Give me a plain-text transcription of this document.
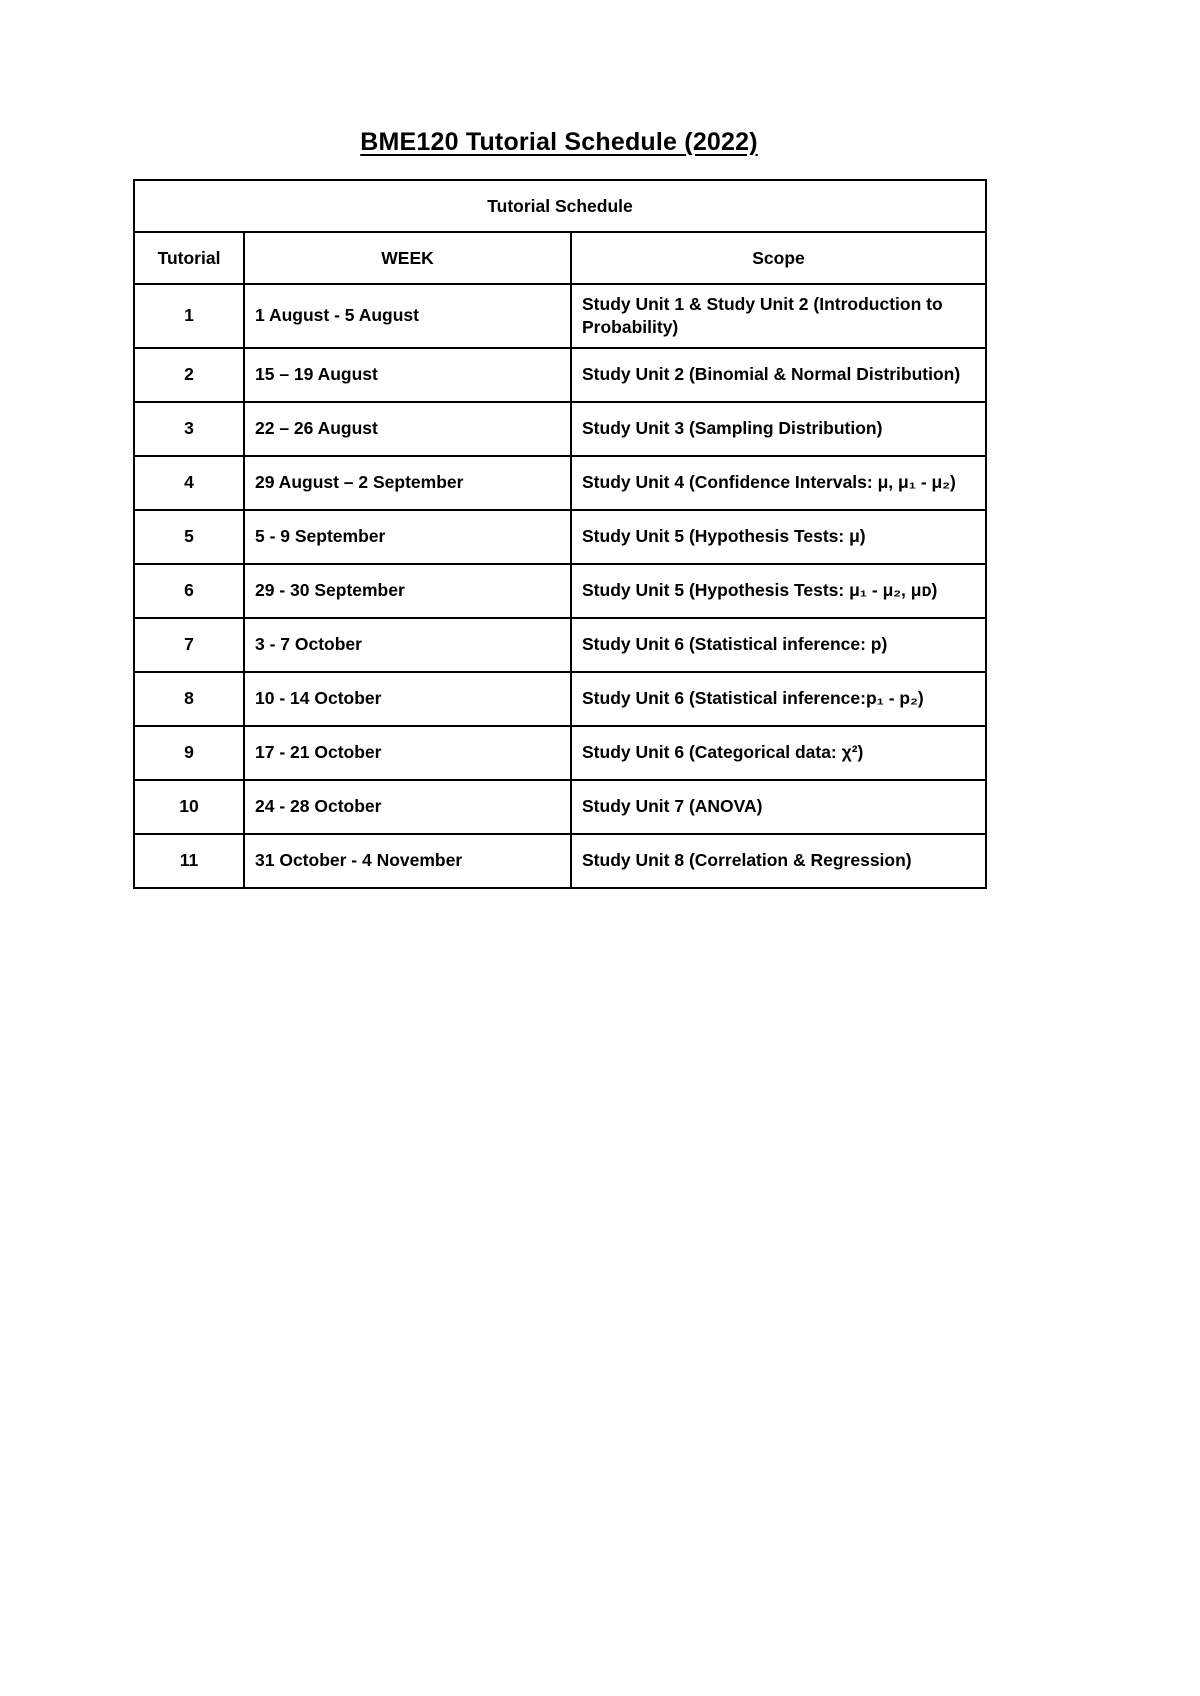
BME120 Tutorial Schedule (2022)
Tutorial Schedule		
Tutorial	WEEK	Scope
1	1 August - 5 August	Study Unit 1 & Study Unit 2 (Introduction to Probability)
2	15 – 19 August	Study Unit 2 (Binomial & Normal Distribution)
3	22 – 26 August	Study Unit 3 (Sampling Distribution)
4	29 August – 2 September	Study Unit 4 (Confidence Intervals: μ, μ₁ - μ₂)
5	5 - 9 September	Study Unit 5 (Hypothesis Tests: μ)
6	29 - 30 September	Study Unit 5 (Hypothesis Tests: μ₁ - μ₂, μᴅ)
7	3 - 7 October	Study Unit 6 (Statistical inference: p)
8	10 - 14 October	Study Unit 6 (Statistical inference:p₁ - p₂)
9	17 - 21 October	Study Unit 6 (Categorical data: χ²)
10	24 - 28 October	Study Unit 7 (ANOVA)
11	31 October - 4 November	Study Unit 8 (Correlation & Regression)
